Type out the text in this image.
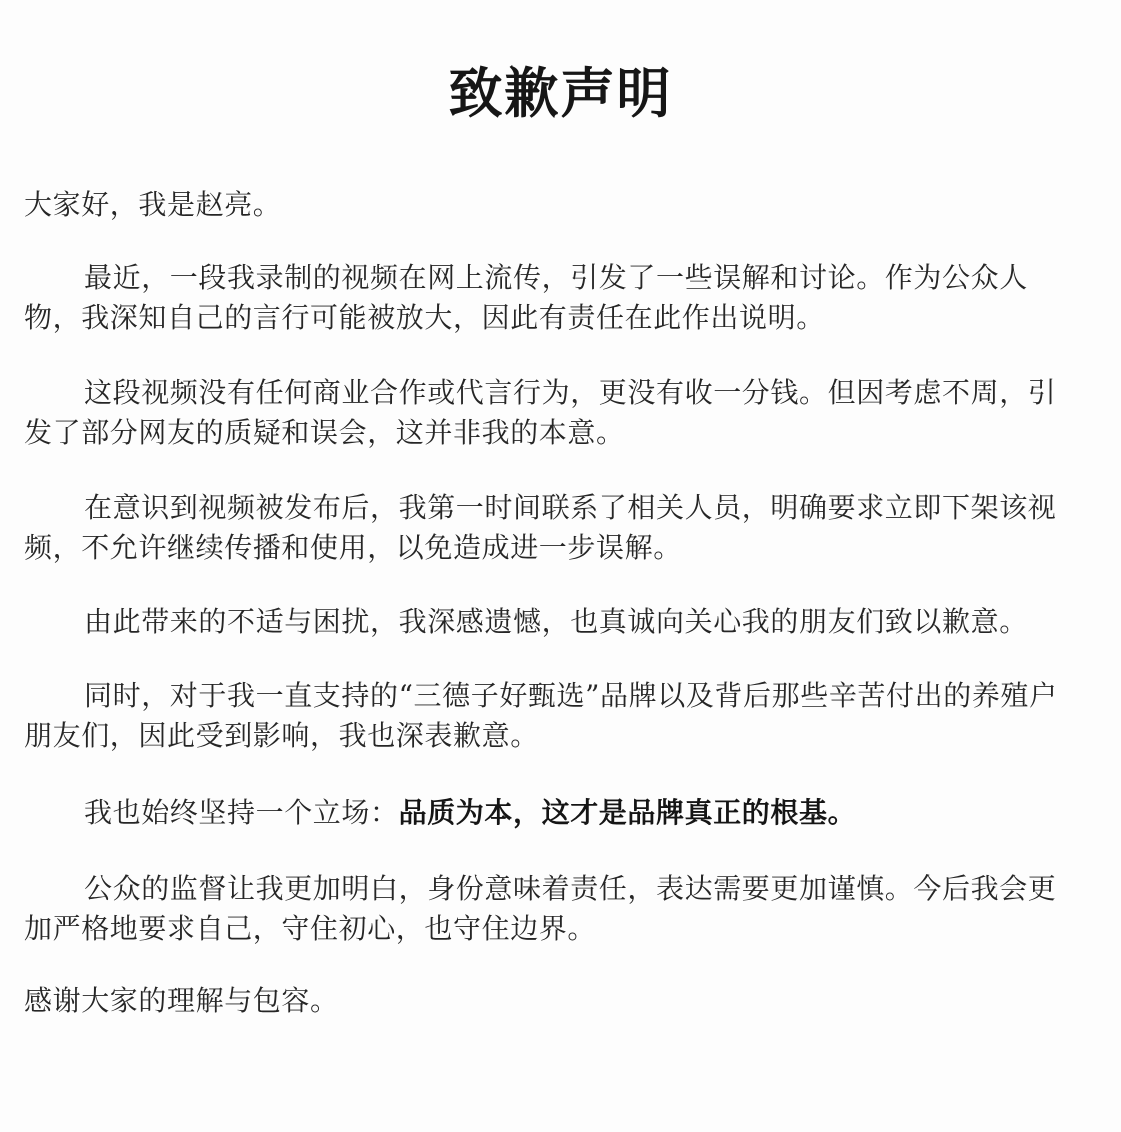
致歉声明

大家好，我是赵亮。

最近，一段我录制的视频在网上流传，引发了一些误解和讨论。作为公众人物，我深知自己的言行可能被放大，因此有责任在此作出说明。

这段视频没有任何商业合作或代言行为，更没有收一分钱。但因考虑不周，引发了部分网友的质疑和误会，这并非我的本意。

在意识到视频被发布后，我第一时间联系了相关人员，明确要求立即下架该视频，不允许继续传播和使用，以免造成进一步误解。

由此带来的不适与困扰，我深感遗憾，也真诚向关心我的朋友们致以歉意。

同时，对于我一直支持的“三德子好甄选”品牌以及背后那些辛苦付出的养殖户朋友们，因此受到影响，我也深表歉意。

我也始终坚持一个立场：品质为本，这才是品牌真正的根基。

公众的监督让我更加明白，身份意味着责任，表达需要更加谨慎。今后我会更加严格地要求自己，守住初心，也守住边界。

感谢大家的理解与包容。
